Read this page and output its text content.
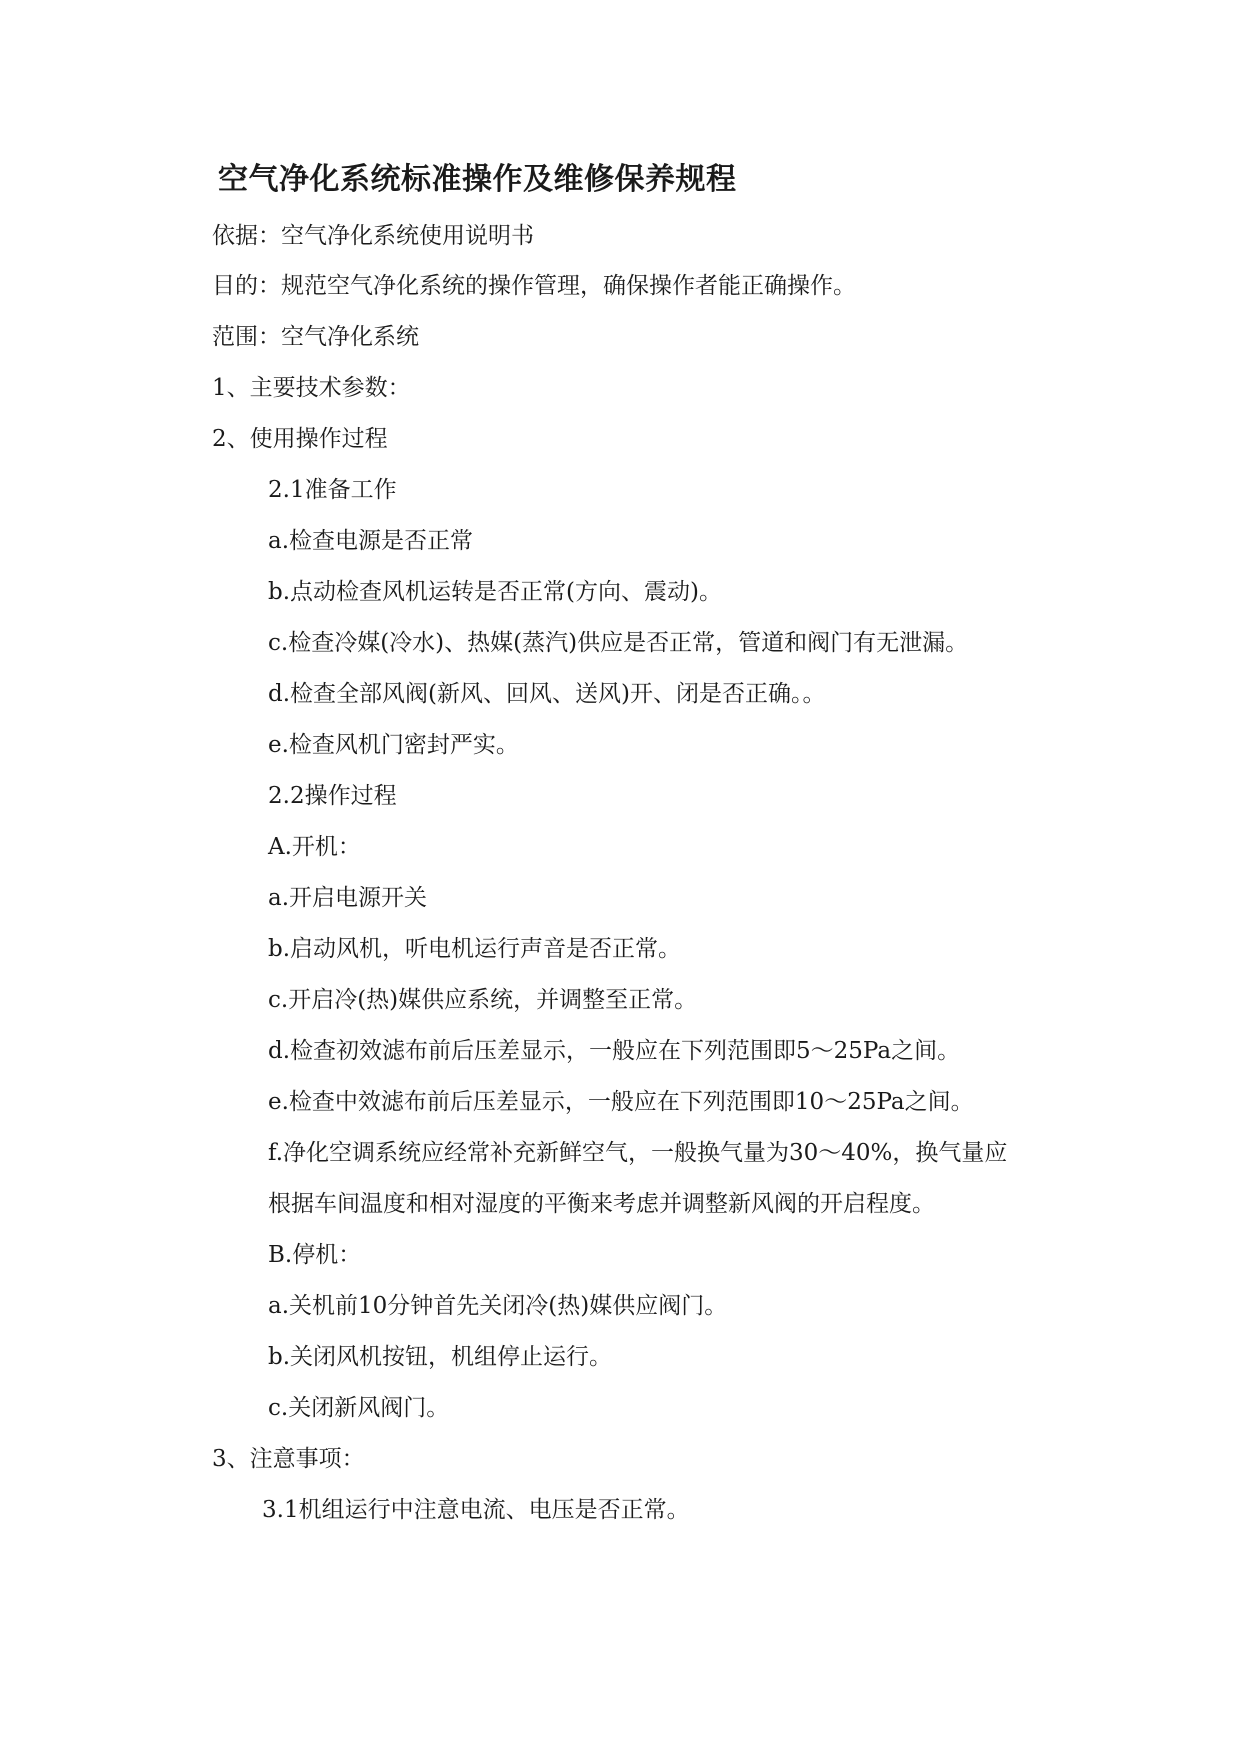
空气净化系统标准操作及维修保养规程
依据：空气净化系统使用说明书
目的：规范空气净化系统的操作管理，确保操作者能正确操作。
范围：空气净化系统
1、主要技术参数：
2、使用操作过程
2.1准备工作
a.检查电源是否正常
b.点动检查风机运转是否正常(方向、震动)。
c.检查冷媒(冷水)、热媒(蒸汽)供应是否正常，管道和阀门有无泄漏。
d.检查全部风阀(新风、回风、送风)开、闭是否正确。。
e.检查风机门密封严实。
2.2操作过程
A.开机：
a.开启电源开关
b.启动风机，听电机运行声音是否正常。
c.开启冷(热)媒供应系统，并调整至正常。
d.检查初效滤布前后压差显示，一般应在下列范围即5～25Pa之间。
e.检查中效滤布前后压差显示，一般应在下列范围即10～25Pa之间。
f.净化空调系统应经常补充新鲜空气，一般换气量为30～40%，换气量应
根据车间温度和相对湿度的平衡来考虑并调整新风阀的开启程度。
B.停机：
a.关机前10分钟首先关闭冷(热)媒供应阀门。
b.关闭风机按钮，机组停止运行。
c.关闭新风阀门。
3、注意事项：
3.1机组运行中注意电流、电压是否正常。
